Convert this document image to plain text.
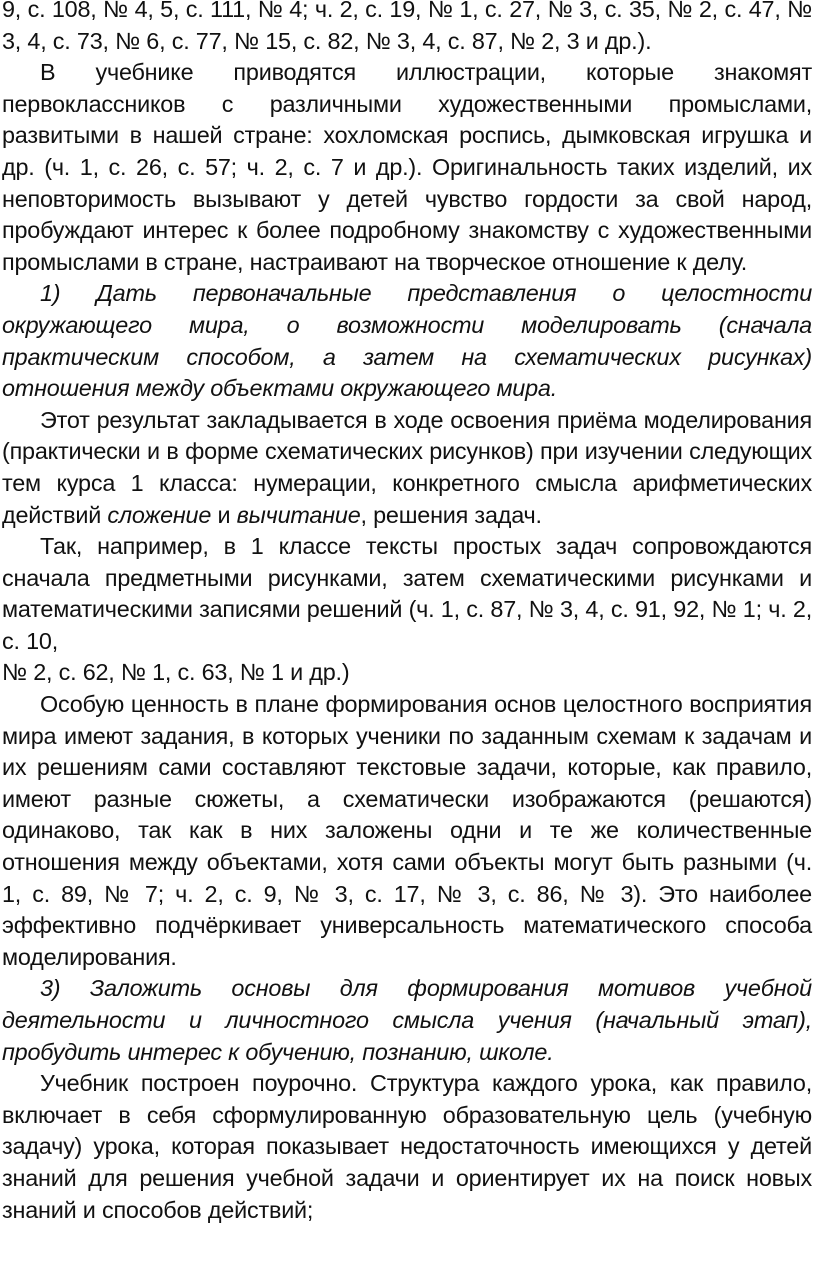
9, с. 108, № 4, 5, с. 111, № 4; ч. 2, с. 19, № 1, с. 27, № 3, с. 35, № 2, с. 47, № 3, 4, с. 73, № 6, с. 77, № 15, с. 82, № 3, 4, с. 87, № 2, 3 и др.).

В учебнике приводятся иллюстрации, которые знакомят первоклассников с различными художественными промыслами, развитыми в нашей стране: хохломская роспись, дымковская игрушка и др. (ч. 1, с. 26, с. 57; ч. 2, с. 7 и др.). Оригинальность таких изделий, их неповторимость вызывают у детей чувство гордости за свой народ, пробуждают интерес к более подробному знакомству с художественными промыслами в стране, настраивают на творческое отношение к делу.

1) Дать первоначальные представления о целостности окружающего мира, о возможности моделировать (сначала практическим способом, а затем на схематических рисунках) отношения между объектами окружающего мира.

Этот результат закладывается в ходе освоения приёма моделирования (практически и в форме схематических рисунков) при изучении следующих тем курса 1 класса: нумерации, конкретного смысла арифметических действий сложение и вычитание, решения задач.

Так, например, в 1 классе тексты простых задач сопровождаются сначала предметными рисунками, затем схематическими рисунками и математическими записями решений (ч. 1, с. 87, № 3, 4, с. 91, 92, № 1; ч. 2, с. 10,

№ 2, с. 62, № 1, с. 63, № 1 и др.)

Особую ценность в плане формирования основ целостного восприятия мира имеют задания, в которых ученики по заданным схемам к задачам и их решениям сами составляют текстовые задачи, которые, как правило, имеют разные сюжеты, а схематически изображаются (решаются) одинаково, так как в них заложены одни и те же количественные отношения между объектами, хотя сами объекты могут быть разными (ч. 1, с. 89, № 7; ч. 2, с. 9, № 3, с. 17, № 3, с. 86, № 3). Это наиболее эффективно подчёркивает универсальность математического способа моделирования.

3) Заложить основы для формирования мотивов учебной деятельности и личностного смысла учения (начальный этап), пробудить интерес к обучению, познанию, школе.

Учебник построен поурочно. Структура каждого урока, как правило, включает в себя сформулированную образовательную цель (учебную задачу) урока, которая показывает недостаточность имеющихся у детей знаний для решения учебной задачи и ориентирует их на поиск новых знаний и способов действий;
